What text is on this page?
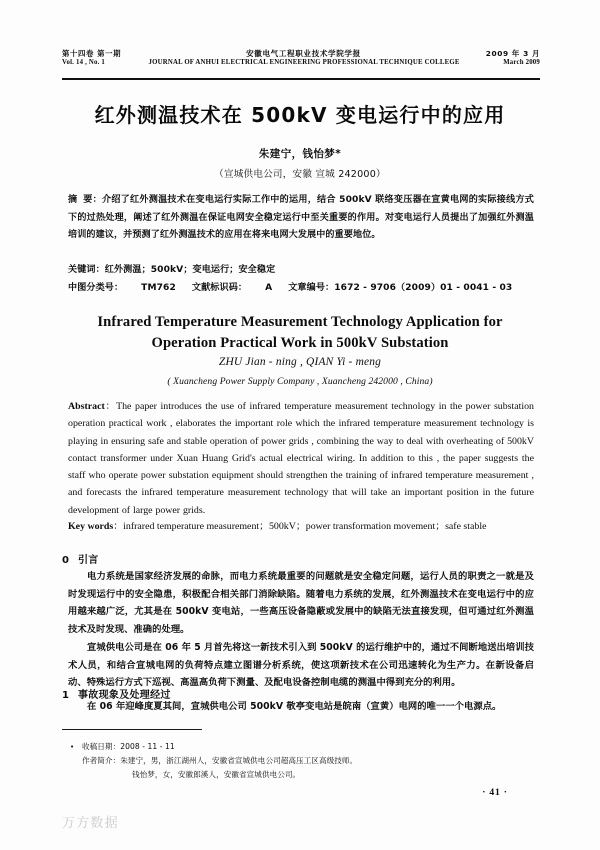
第十四卷 第一期	安徽电气工程职业技术学院学报	2009 年 3 月
Vol. 14 , No. 1	JOURNAL OF ANHUI ELECTRICAL ENGINEERING PROFESSIONAL TECHNIQUE COLLEGE	March 2009
红外测温技术在 500kV 变电运行中的应用
朱建宁，钱怡梦*
（宣城供电公司，安徽 宣城 242000）
摘要：介绍了红外测温技术在变电运行实际工作中的运用，结合 500kV 联络变压器在宣黄电网的实际接线方式下的过热处理，阐述了红外测温在保证电网安全稳定运行中至关重要的作用。对变电运行人员提出了加强红外测温培训的建议，并预测了红外测温技术的应用在将来电网大发展中的重要地位。
关键词：红外测温；500kV；变电运行；安全稳定
中图分类号： TM762 文献标识码： A 文章编号：1672 - 9706（2009）01 - 0041 - 03
Infrared Temperature Measurement Technology Application for
Operation Practical Work in 500kV Substation
ZHU Jian - ning , QIAN Yi - meng
( Xuancheng Power Supply Company , Xuancheng 242000 , China)
Abstract：The paper introduces the use of infrared temperature measurement technology in the power substation operation practical work , elaborates the important role which the infrared temperature measurement technology is playing in ensuring safe and stable operation of power grids , combining the way to deal with overheating of 500kV contact transformer under Xuan Huang Grid's actual electrical wiring. In addition to this , the paper suggests the staff who operate power substation equipment should strengthen the training of infrared temperature measurement , and forecasts the infrared temperature measurement technology that will take an important position in the future development of large power grids.
Key words：infrared temperature measurement；500kV；power transformation movement；safe stable
0 引言
电力系统是国家经济发展的命脉，而电力系统最重要的问题就是安全稳定问题，运行人员的职责之一就是及时发现运行中的安全隐患，积极配合相关部门消除缺陷。随着电力系统的发展，红外测温技术在变电运行中的应用越来越广泛，尤其是在 500kV 变电站，一些高压设备隐蔽或发展中的缺陷无法直接发现，但可通过红外测温技术及时发现、准确的处理。
宣城供电公司是在 06 年 5 月首先将这一新技术引入到 500kV 的运行维护中的，通过不间断地送出培训技术人员，和结合宣城电网的负荷特点建立图谱分析系统，使这项新技术在公司迅速转化为生产力。在新设备启动、特殊运行方式下巡视、高温高负荷下测量、及配电设备控制电缆的测温中得到充分的利用。
1 事故现象及处理经过
在 06 年迎峰度夏其间，宣城供电公司 500kV 敬亭变电站是皖南（宣黄）电网的唯一一个电源点。
• 收稿日期：2008 - 11 - 11
作者简介：朱建宁，男，浙江湖州人，安徽省宣城供电公司超高压工区高级技师。
钱怡梦，女，安徽郎溪人，安徽省宣城供电公司。
· 41 ·
万方数据
